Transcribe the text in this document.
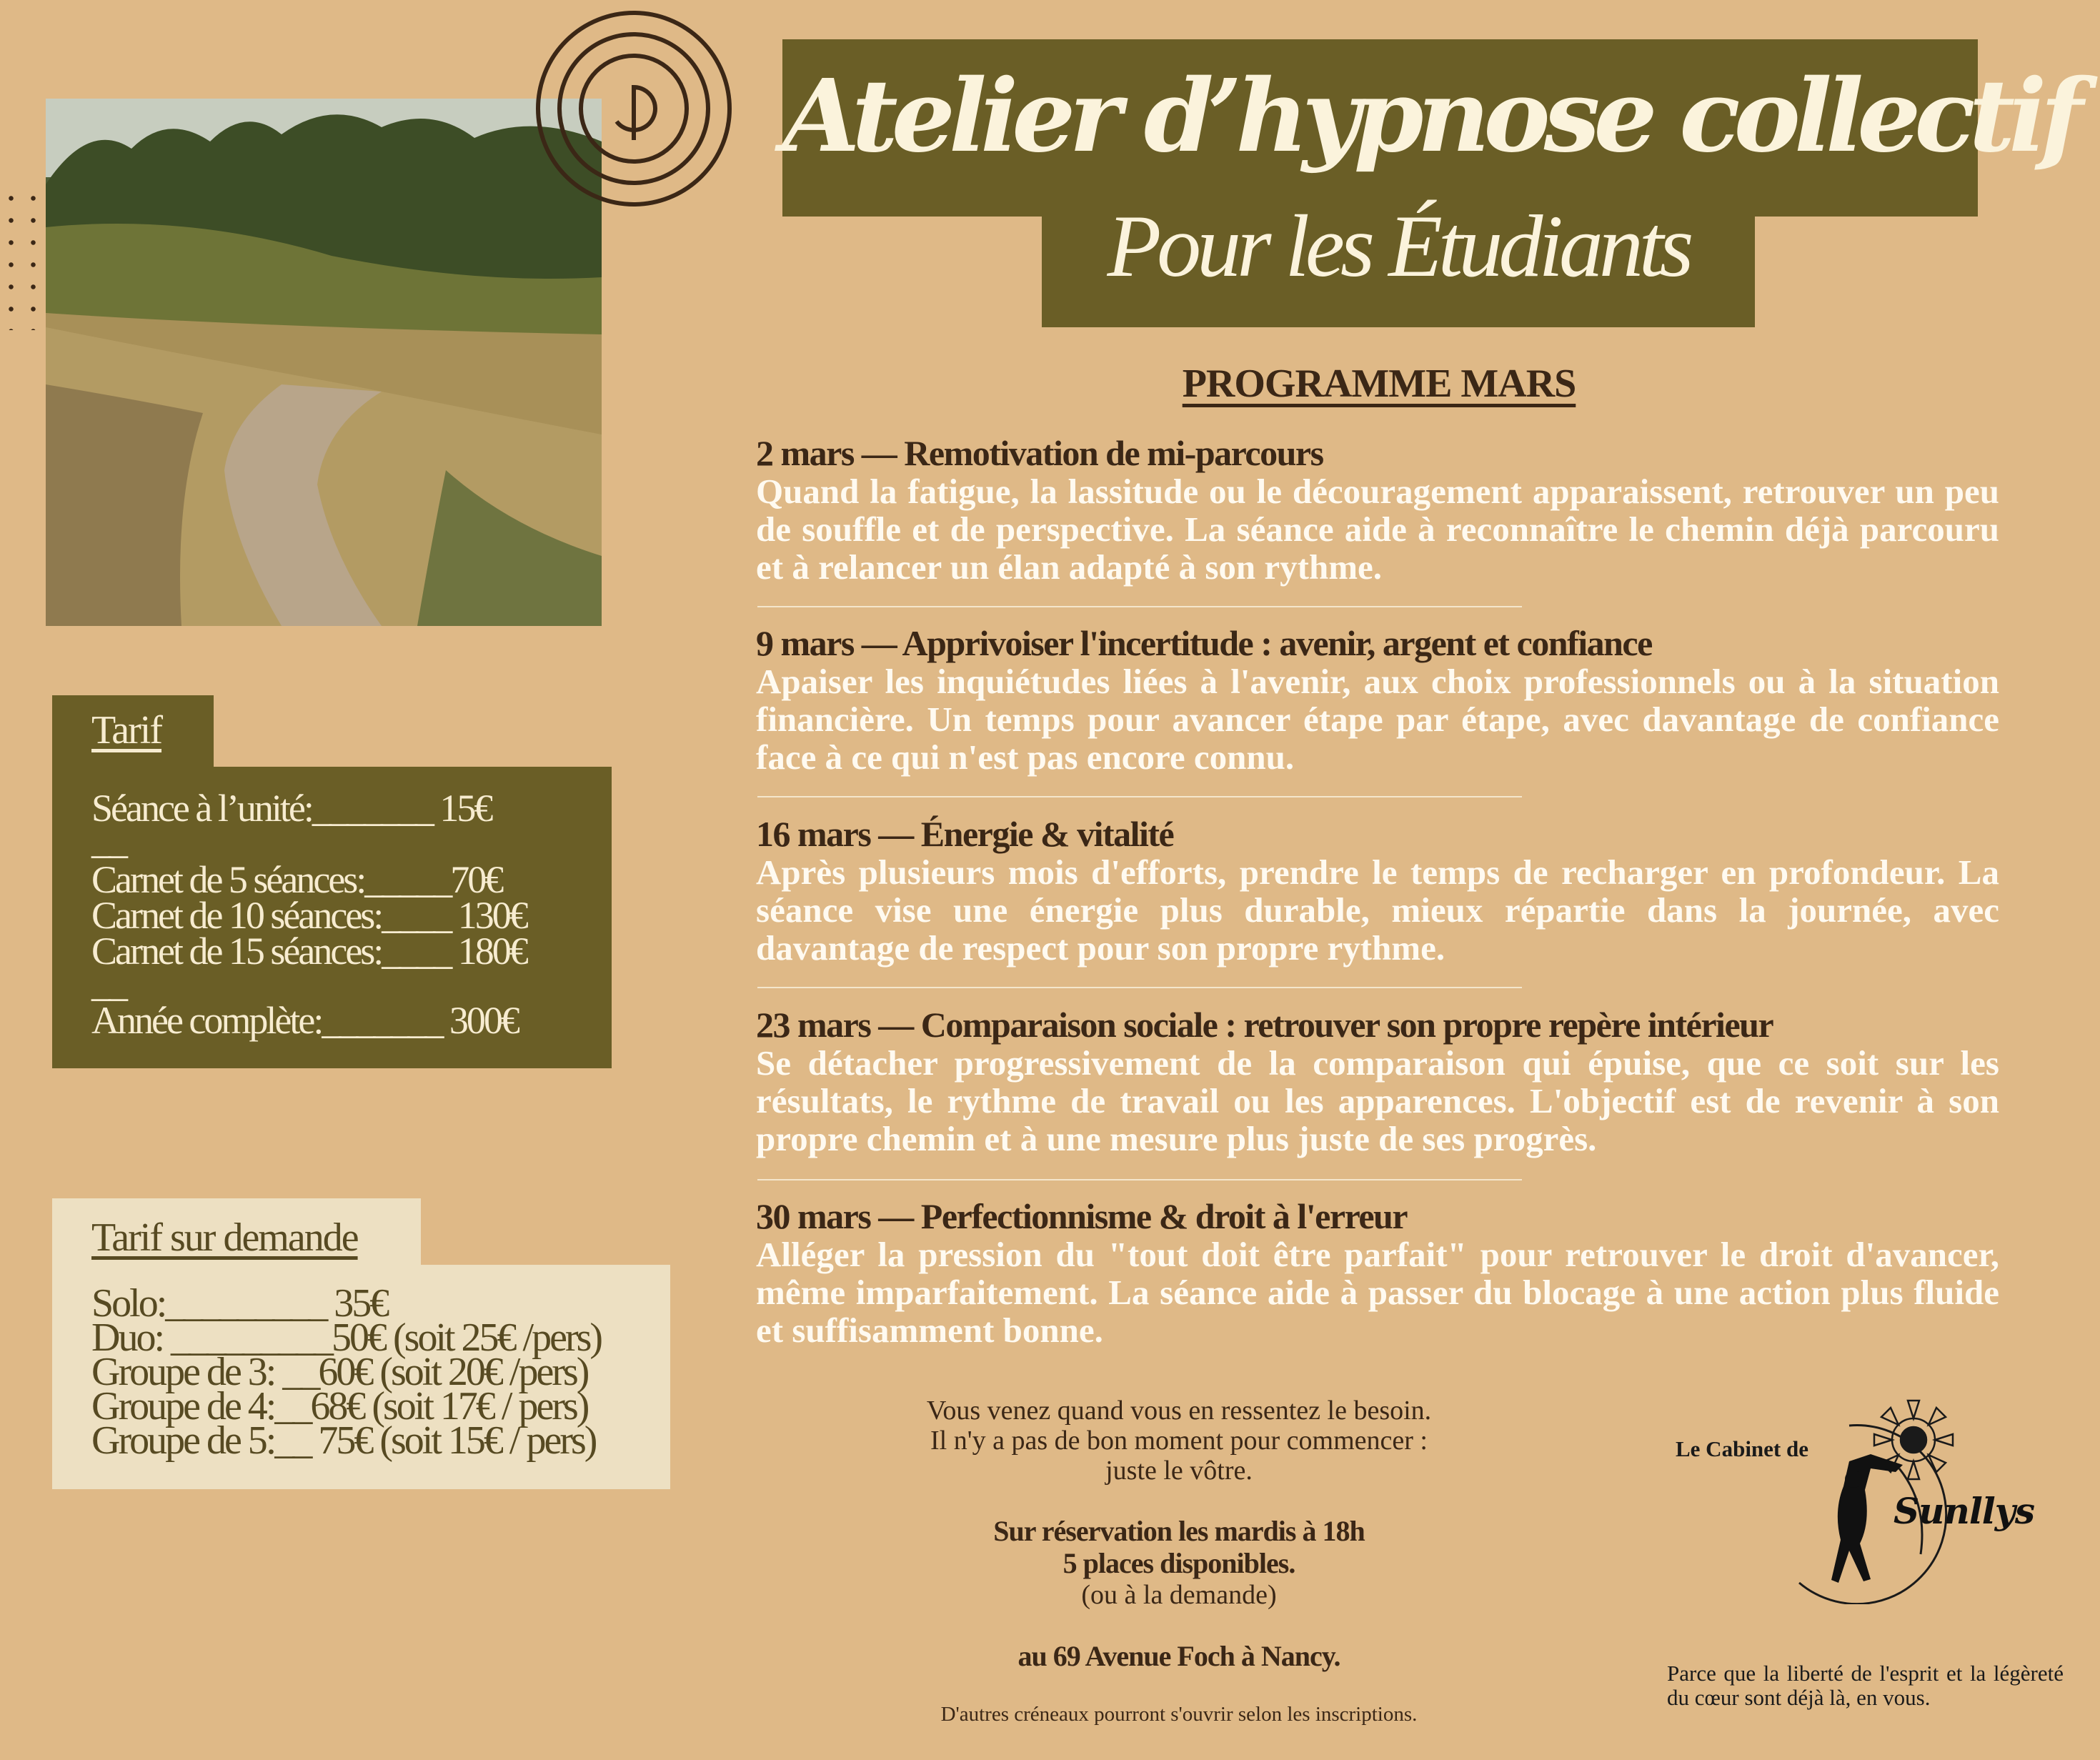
Atelier d’hypnose collectif
Pour les Étudiants
PROGRAMME MARS
2 mars — Remotivation de mi-parcours
Quand la fatigue, la lassitude ou le découragement apparaissent, retrouver un peu de souffle et de perspective. La séance aide à reconnaître le chemin déjà parcouru et à relancer un élan adapté à son rythme.
9 mars — Apprivoiser l'incertitude : avenir, argent et confiance
Apaiser les inquiétudes liées à l'avenir, aux choix professionnels ou à la situation financière. Un temps pour avancer étape par étape, avec davantage de confiance face à ce qui n'est pas encore connu.
16 mars — Énergie & vitalité
Après plusieurs mois d'efforts, prendre le temps de recharger en profondeur. La séance vise une énergie plus durable, mieux répartie dans la journée, avec davantage de respect pour son propre rythme.
23 mars — Comparaison sociale : retrouver son propre repère intérieur
Se détacher progressivement de la comparaison qui épuise, que ce soit sur les résultats, le rythme de travail ou les apparences. L'objectif est de revenir à son propre chemin et à une mesure plus juste de ses progrès.
30 mars — Perfectionnisme & droit à l'erreur
Alléger la pression du "tout doit être parfait" pour retrouver le droit d'avancer, même imparfaitement. La séance aide à passer du blocage à une action plus fluide et suffisamment bonne.
Tarif
Séance à l’unité:_______ 15€
__
Carnet de 5 séances:_____70€
Carnet de 10 séances:____ 130€
Carnet de 15 séances:____ 180€
__
Année complète:_______ 300€
Tarif sur demande
Solo:_________ 35€
Duo: _________50€ (soit 25€ /pers)
Groupe de 3: __60€ (soit 20€ /pers)
Groupe de 4:__68€ (soit 17€ / pers)
Groupe de 5:__ 75€ (soit 15€ / pers)
Vous venez quand vous en ressentez le besoin.
Il n'y a pas de bon moment pour commencer :
juste le vôtre.
Sur réservation les mardis à 18h
5 places disponibles.
(ou à la demande)
au 69 Avenue Foch à Nancy.
D'autres créneaux pourront s'ouvrir selon les inscriptions.
Le Cabinet de
Sunllys
Parce que la liberté de l'esprit et la légèreté du cœur sont déjà là, en vous.
